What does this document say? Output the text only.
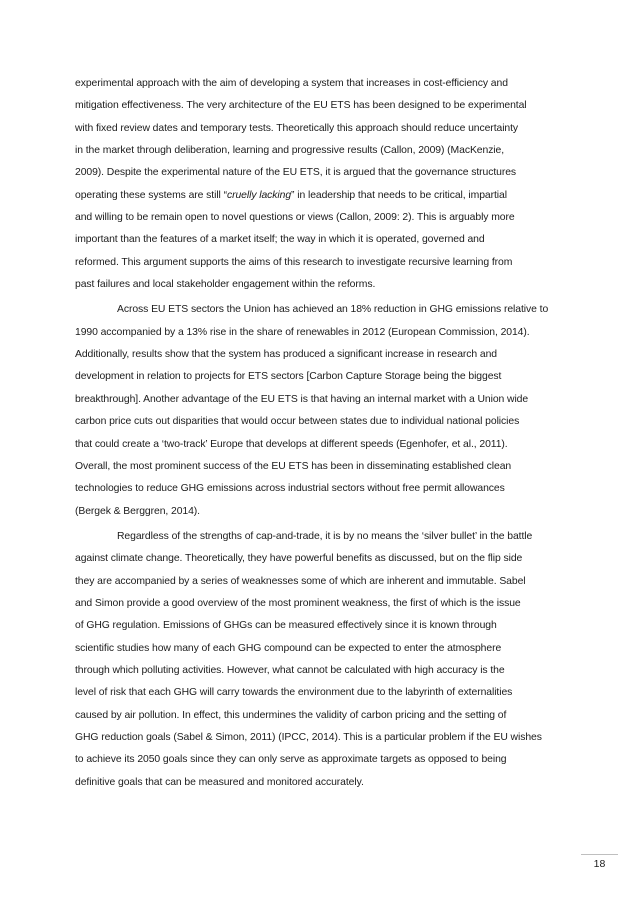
experimental approach with the aim of developing a system that increases in cost-efficiency and
mitigation effectiveness. The very architecture of the EU ETS has been designed to be experimental
with fixed review dates and temporary tests. Theoretically this approach should reduce uncertainty
in the market through deliberation, learning and progressive results (Callon, 2009) (MacKenzie,
2009). Despite the experimental nature of the EU ETS, it is argued that the governance structures
operating these systems are still “cruelly lacking” in leadership that needs to be critical, impartial
and willing to be remain open to novel questions or views (Callon, 2009: 2). This is arguably more
important than the features of a market itself; the way in which it is operated, governed and
reformed. This argument supports the aims of this research to investigate recursive learning from
past failures and local stakeholder engagement within the reforms.

Across EU ETS sectors the Union has achieved an 18% reduction in GHG emissions relative to
1990 accompanied by a 13% rise in the share of renewables in 2012 (European Commission, 2014).
Additionally, results show that the system has produced a significant increase in research and
development in relation to projects for ETS sectors [Carbon Capture Storage being the biggest
breakthrough]. Another advantage of the EU ETS is that having an internal market with a Union wide
carbon price cuts out disparities that would occur between states due to individual national policies
that could create a ‘two-track’ Europe that develops at different speeds (Egenhofer, et al., 2011).
Overall, the most prominent success of the EU ETS has been in disseminating established clean
technologies to reduce GHG emissions across industrial sectors without free permit allowances
(Bergek & Berggren, 2014).

Regardless of the strengths of cap-and-trade, it is by no means the ‘silver bullet’ in the battle
against climate change. Theoretically, they have powerful benefits as discussed, but on the flip side
they are accompanied by a series of weaknesses some of which are inherent and immutable. Sabel
and Simon provide a good overview of the most prominent weakness, the first of which is the issue
of GHG regulation. Emissions of GHGs can be measured effectively since it is known through
scientific studies how many of each GHG compound can be expected to enter the atmosphere
through which polluting activities. However, what cannot be calculated with high accuracy is the
level of risk that each GHG will carry towards the environment due to the labyrinth of externalities
caused by air pollution. In effect, this undermines the validity of carbon pricing and the setting of
GHG reduction goals (Sabel & Simon, 2011) (IPCC, 2014). This is a particular problem if the EU wishes
to achieve its 2050 goals since they can only serve as approximate targets as opposed to being
definitive goals that can be measured and monitored accurately.

18
